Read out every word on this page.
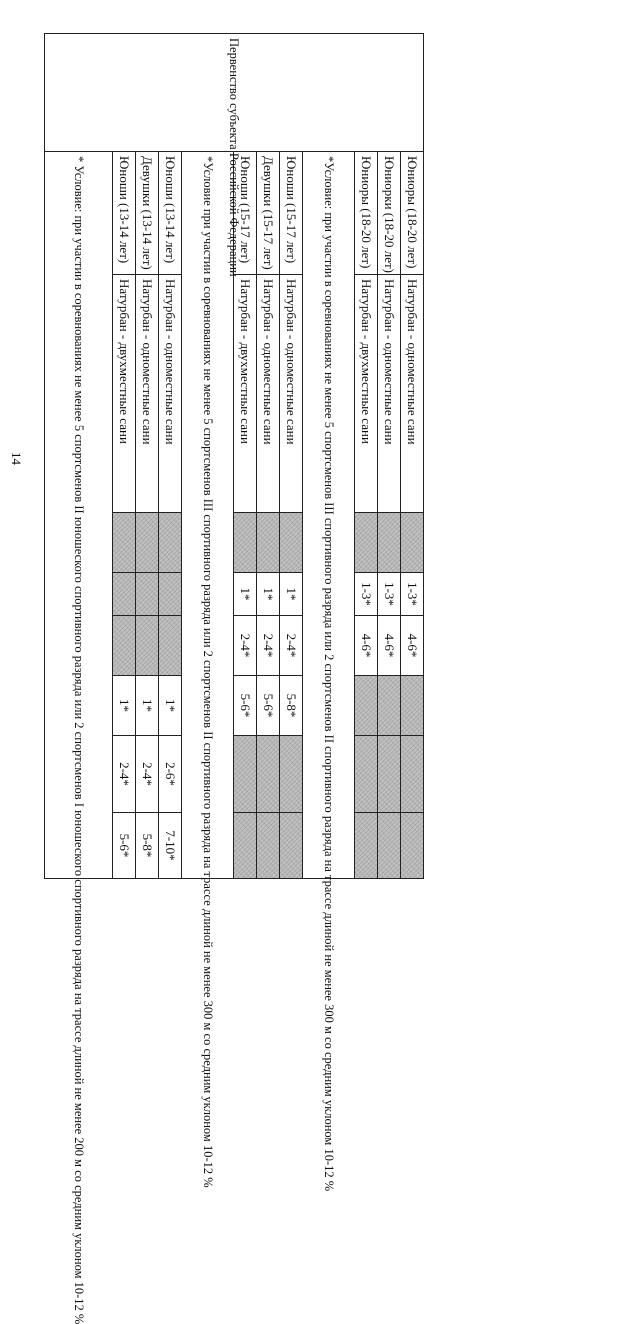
14
Первенство субъекта Российской Федерации	Юниоры (18-20 лет)	Натурбан - одноместные сани		1-3*	4-6*			
	Юниорки (18-20 лет)	Натурбан - одноместные сани		1-3*	4-6*			
	Юниоры (18-20 лет)	Натурбан - двухместные сани		1-3*	4-6*			
	*Условие: при участии в соревнованиях не менее 5 спортсменов III спортивного разряда или 2 спортсменов II спортивного разряда на трассе длиной не менее 300 м со средним уклоном 10-12 %							
	Юноши (15-17 лет)	Натурбан - одноместные сани		1*	2-4*	5-8*		
	Девушки (15-17 лет)	Натурбан - одноместные сани		1*	2-4*	5-6*		
	Юноши (15-17 лет)	Натурбан - двухместные сани		1*	2-4*	5-6*		
	*Условие при участии в соревнованиях не менее 5 спортсменов III спортивного разряда или 2 спортсменов II спортивного разряда на трассе длиной не менее 300 м со средним уклоном 10-12 %							
	Юноши (13-14 лет)	Натурбан - одноместные сани				1*	2-6*	7-10*
	Девушки (13-14 лет)	Натурбан - одноместные сани				1*	2-4*	5-8*
	Юноши (13-14 лет)	Натурбан - двухместные сани				1*	2-4*	5-6*
	* Условие: при участии в соревнованиях не менее 5 спортсменов II юношеского спортивного разряда или 2 спортсменов I юношеского спортивного разряда на трассе длиной не менее 200 м со средним уклоном 10-12 %							
